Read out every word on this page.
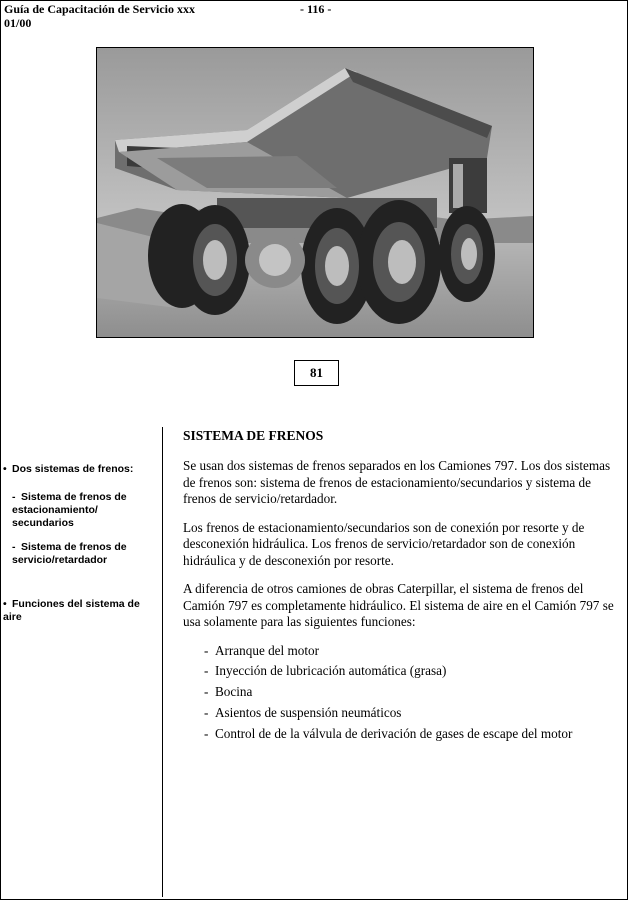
Guía de Capacitación de Servicio xxx
01/00
- 116 -
81
• Dos sistemas de frenos:
- Sistema de frenos de estacionamiento/ secundarios
- Sistema de frenos de servicio/retardador
• Funciones del sistema de aire
SISTEMA DE FRENOS

Se usan dos sistemas de frenos separados en los Camiones 797. Los dos sistemas de frenos son: sistema de frenos de estacionamiento/secundarios y sistema de frenos de servicio/retardador.

Los frenos de estacionamiento/secundarios son de conexión por resorte y de desconexión hidráulica. Los frenos de servicio/retardador son de conexión hidráulica y de desconexión por resorte.

A diferencia de otros camiones de obras Caterpillar, el sistema de frenos del Camión 797 es completamente hidráulico. El sistema de aire en el Camión 797 se usa solamente para las siguientes funciones:

- Arranque del motor
- Inyección de lubricación automática (grasa)
- Bocina
- Asientos de suspensión neumáticos
- Control de de la válvula de derivación de gases de escape del motor
